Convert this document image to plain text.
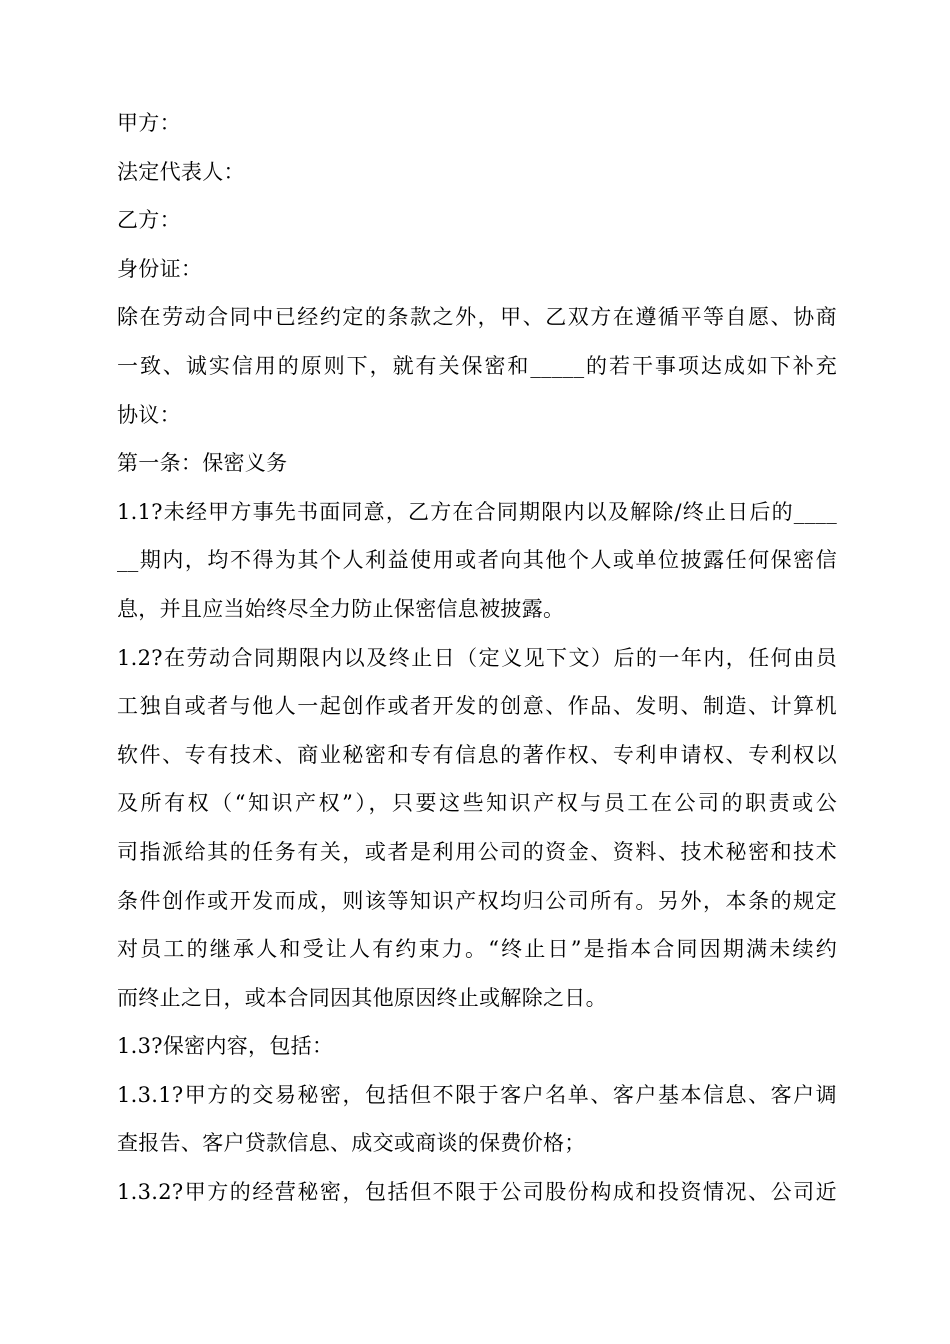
甲方：
法定代表人：
乙方：
身份证：
除在劳动合同中已经约定的条款之外，甲、乙双方在遵循平等自愿、协商
一致、诚实信用的原则下，就有关保密和_____的若干事项达成如下补充
协议：
第一条：保密义务
1.1?未经甲方事先书面同意，乙方在合同期限内以及解除/终止日后的____
__期内，均不得为其个人利益使用或者向其他个人或单位披露任何保密信
息，并且应当始终尽全力防止保密信息被披露。
1.2?在劳动合同期限内以及终止日（定义见下文）后的一年内，任何由员
工独自或者与他人一起创作或者开发的创意、作品、发明、制造、计算机
软件、专有技术、商业秘密和专有信息的著作权、专利申请权、专利权以
及所有权（“知识产权”），只要这些知识产权与员工在公司的职责或公
司指派给其的任务有关，或者是利用公司的资金、资料、技术秘密和技术
条件创作或开发而成，则该等知识产权均归公司所有。另外，本条的规定
对员工的继承人和受让人有约束力。“终止日”是指本合同因期满未续约
而终止之日，或本合同因其他原因终止或解除之日。
1.3?保密内容，包括：
1.3.1?甲方的交易秘密，包括但不限于客户名单、客户基本信息、客户调
查报告、客户贷款信息、成交或商谈的保费价格；
1.3.2?甲方的经营秘密，包括但不限于公司股份构成和投资情况、公司近
